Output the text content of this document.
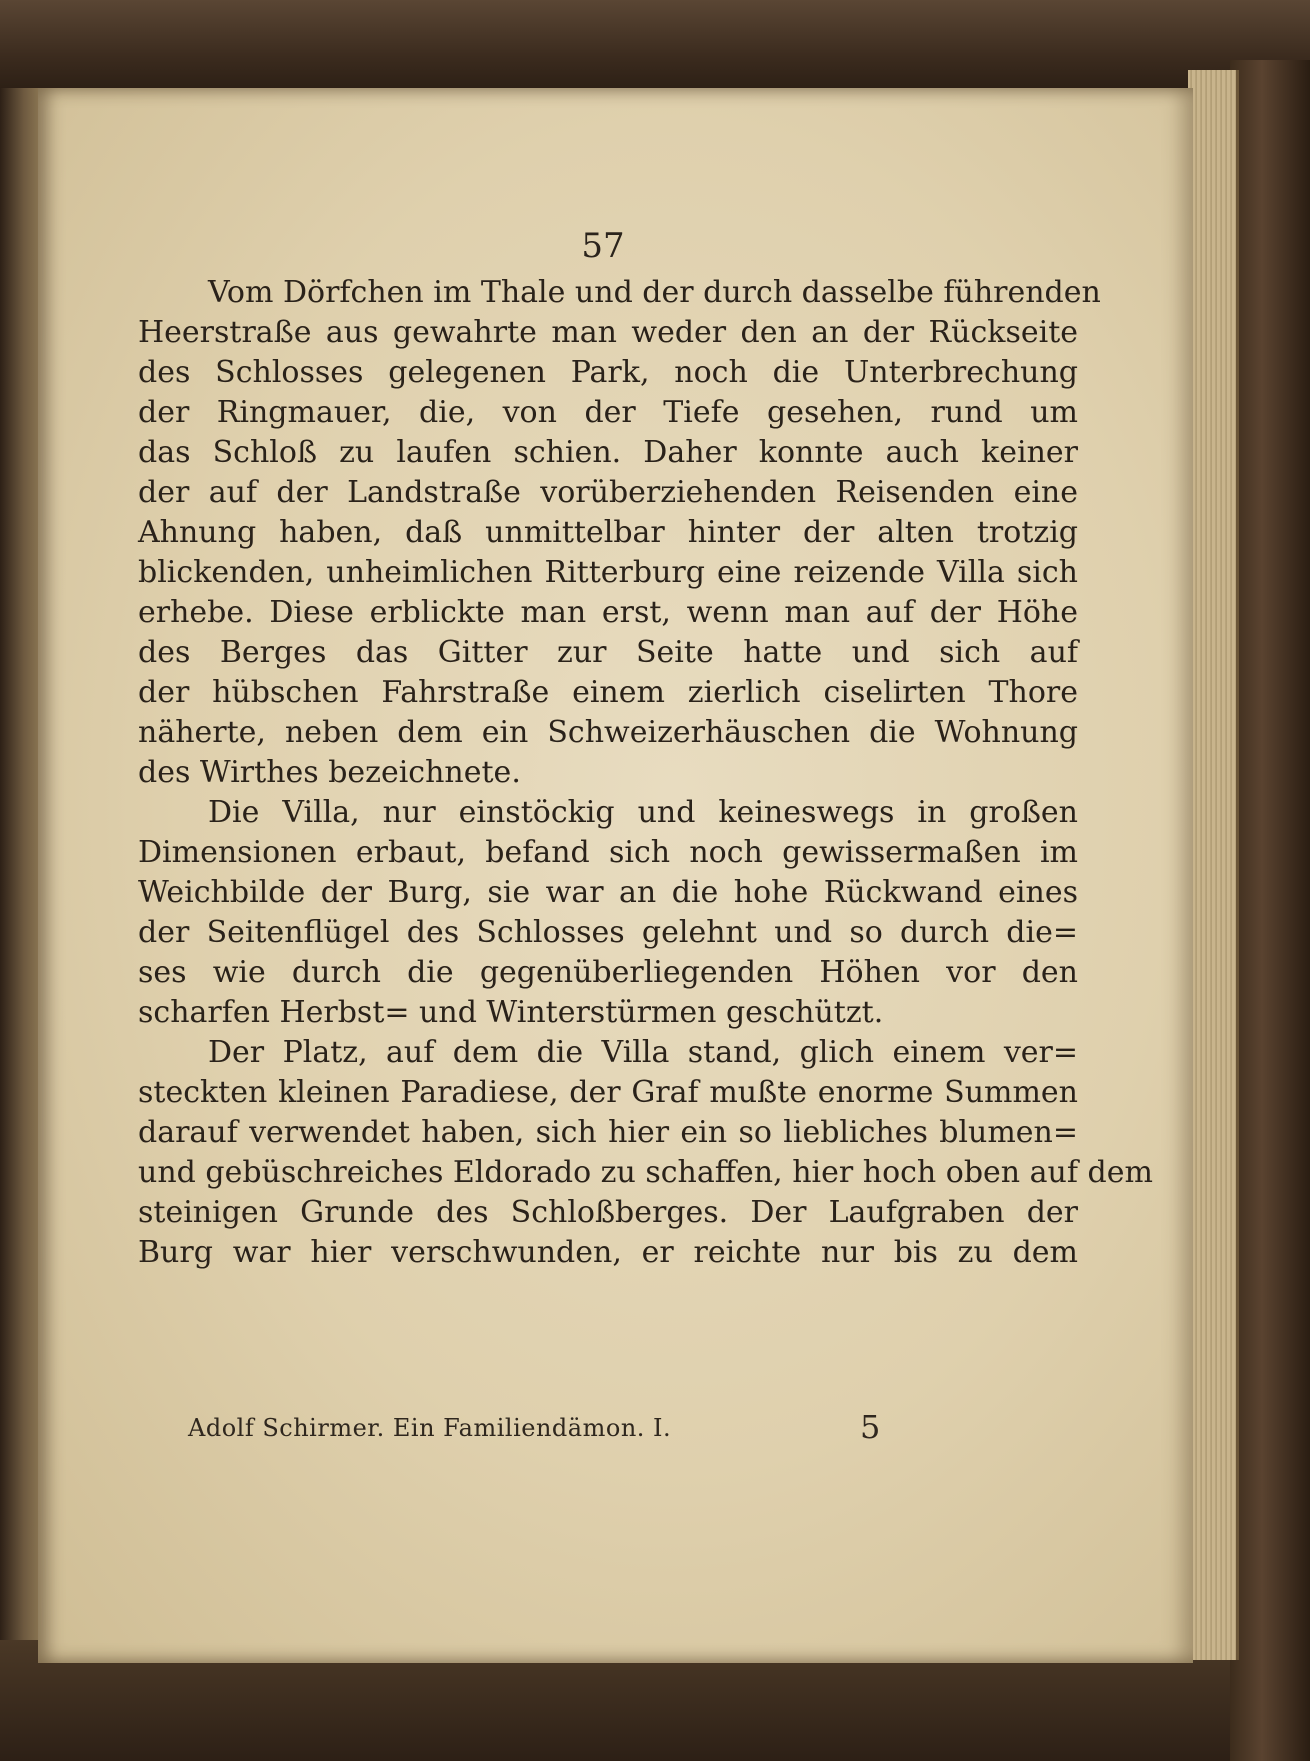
57
Vom Dörfchen im Thale und der durch dasselbe führenden
Heerstraße aus gewahrte man weder den an der Rückseite
des Schlosses gelegenen Park, noch die Unterbrechung
der Ringmauer, die, von der Tiefe gesehen, rund um
das Schloß zu laufen schien. Daher konnte auch keiner
der auf der Landstraße vorüberziehenden Reisenden eine
Ahnung haben, daß unmittelbar hinter der alten trotzig
blickenden, unheimlichen Ritterburg eine reizende Villa sich
erhebe. Diese erblickte man erst, wenn man auf der Höhe
des Berges das Gitter zur Seite hatte und sich auf
der hübschen Fahrstraße einem zierlich ciselirten Thore
näherte, neben dem ein Schweizerhäuschen die Wohnung
des Wirthes bezeichnete.
Die Villa, nur einstöckig und keineswegs in großen
Dimensionen erbaut, befand sich noch gewissermaßen im
Weichbilde der Burg, sie war an die hohe Rückwand eines
der Seitenflügel des Schlosses gelehnt und so durch die=
ses wie durch die gegenüberliegenden Höhen vor den
scharfen Herbst= und Winterstürmen geschützt.
Der Platz, auf dem die Villa stand, glich einem ver=
steckten kleinen Paradiese, der Graf mußte enorme Summen
darauf verwendet haben, sich hier ein so liebliches blumen=
und gebüschreiches Eldorado zu schaffen, hier hoch oben auf dem
steinigen Grunde des Schloßberges. Der Laufgraben der
Burg war hier verschwunden, er reichte nur bis zu dem
Adolf Schirmer. Ein Familiendämon. I.	5
